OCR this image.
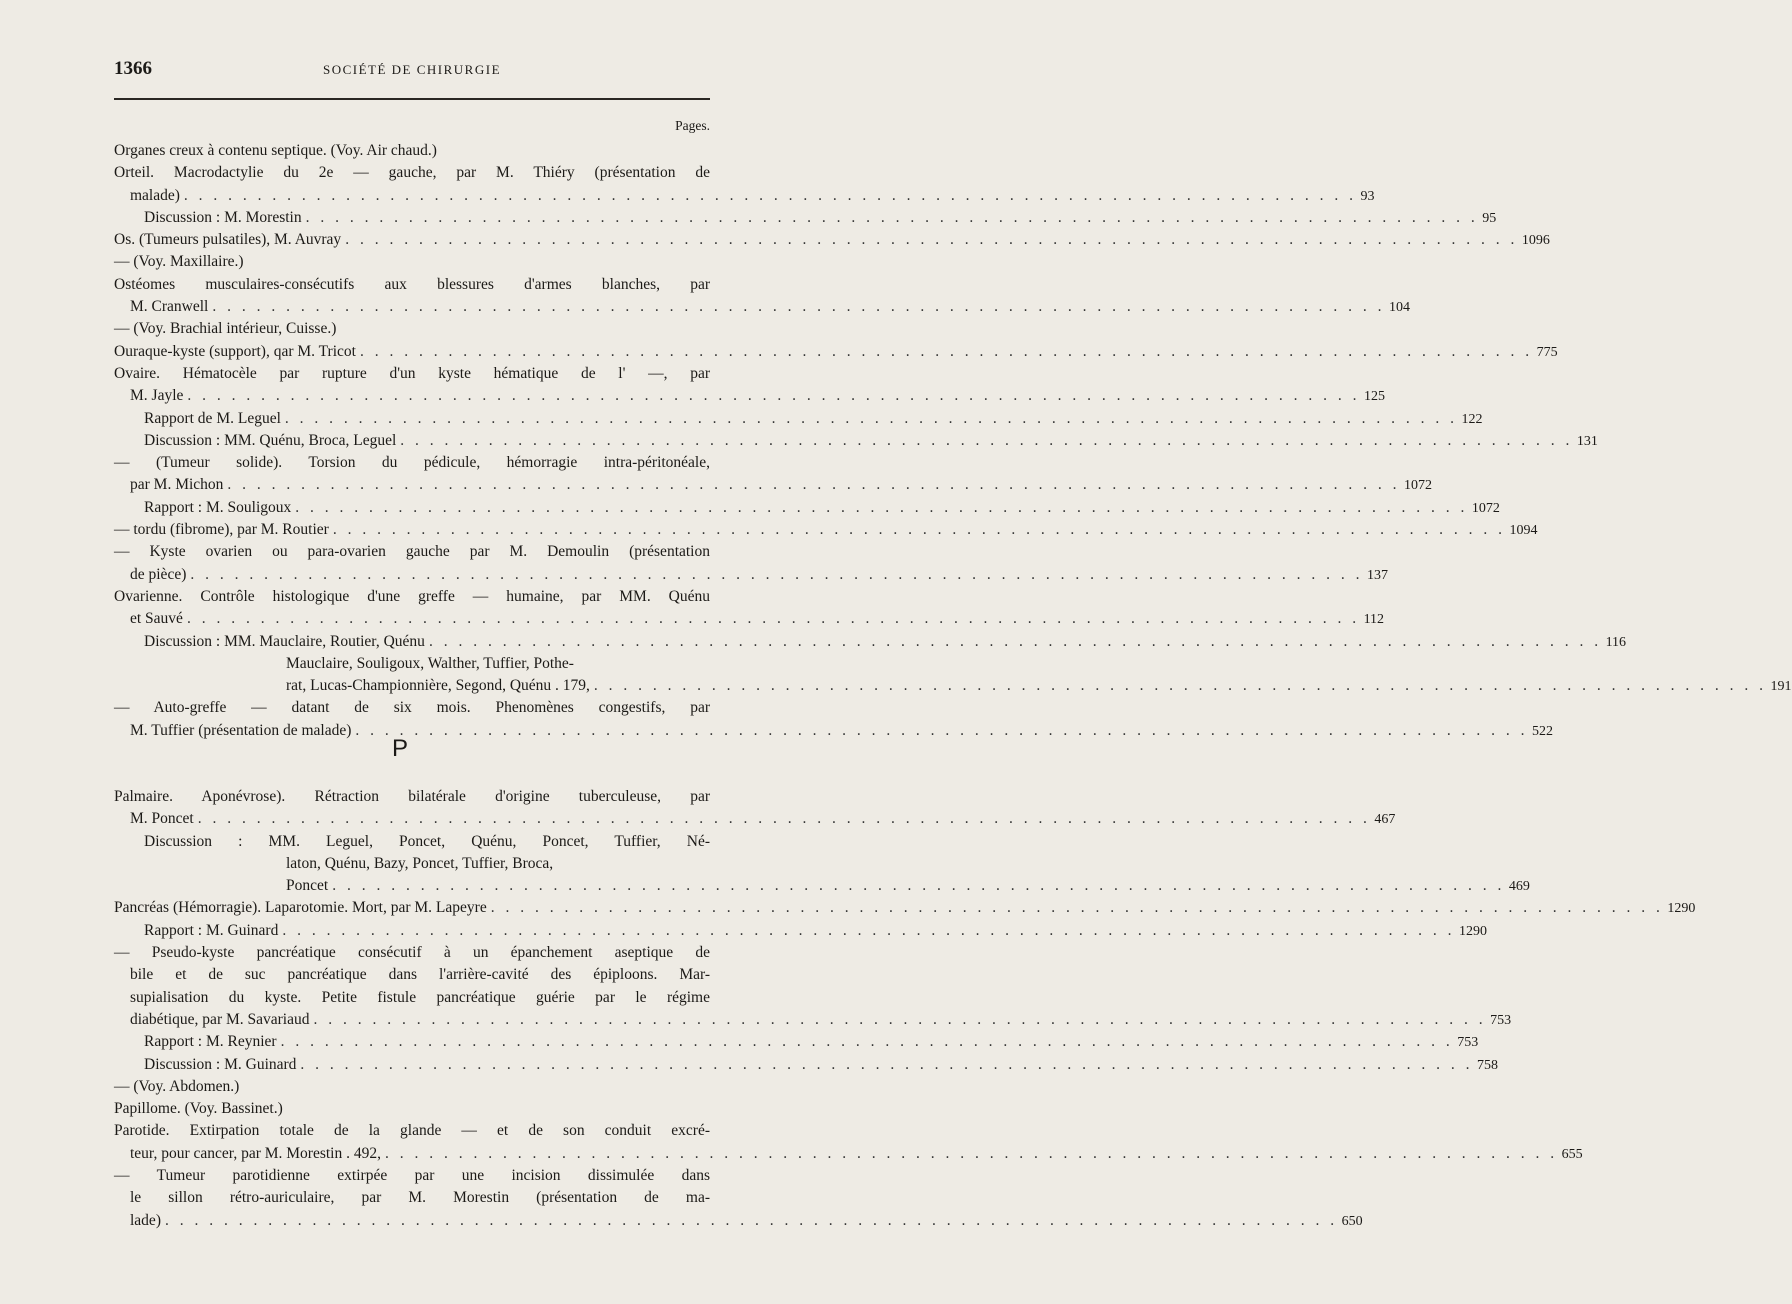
1366	SOCIÉTÉ DE CHIRURGIE
Pages.
Organes creux à contenu septique. (Voy. Air chaud.)
Orteil. Macrodactylie du 2e — gauche, par M. Thiéry (présentation de
malade) . . . . . . . . . . . . . . . . . . . . . . . . . . . . . . . . . . . . . . . . . . . . . . . . . . . . . . . . . . . . . . . . . . . . . . . . . . . . . . . . 93
Discussion : M. Morestin . . . . . . . . . . . . . . . . . . . . . . . . . . . . . . . . . . . . . . . . . . . . . . . . . . . . . . . . . . . . . . . . . . . . . . . . . . . . . . . . 95
Os. (Tumeurs pulsatiles), M. Auvray . . . . . . . . . . . . . . . . . . . . . . . . . . . . . . . . . . . . . . . . . . . . . . . . . . . . . . . . . . . . . . . . . . . . . . . . . . . . . . . . 1096
— (Voy. Maxillaire.)
Ostéomes musculaires-consécutifs aux blessures d'armes blanches, par
M. Cranwell . . . . . . . . . . . . . . . . . . . . . . . . . . . . . . . . . . . . . . . . . . . . . . . . . . . . . . . . . . . . . . . . . . . . . . . . . . . . . . . . 104
— (Voy. Brachial intérieur, Cuisse.)
Ouraque-kyste (support), qar M. Tricot . . . . . . . . . . . . . . . . . . . . . . . . . . . . . . . . . . . . . . . . . . . . . . . . . . . . . . . . . . . . . . . . . . . . . . . . . . . . . . . . 775
Ovaire. Hématocèle par rupture d'un kyste hématique de l' —, par
M. Jayle . . . . . . . . . . . . . . . . . . . . . . . . . . . . . . . . . . . . . . . . . . . . . . . . . . . . . . . . . . . . . . . . . . . . . . . . . . . . . . . . 125
Rapport de M. Leguel . . . . . . . . . . . . . . . . . . . . . . . . . . . . . . . . . . . . . . . . . . . . . . . . . . . . . . . . . . . . . . . . . . . . . . . . . . . . . . . . 122
Discussion : MM. Quénu, Broca, Leguel . . . . . . . . . . . . . . . . . . . . . . . . . . . . . . . . . . . . . . . . . . . . . . . . . . . . . . . . . . . . . . . . . . . . . . . . . . . . . . . . 131
— (Tumeur solide). Torsion du pédicule, hémorragie intra-péritonéale,
par M. Michon . . . . . . . . . . . . . . . . . . . . . . . . . . . . . . . . . . . . . . . . . . . . . . . . . . . . . . . . . . . . . . . . . . . . . . . . . . . . . . . . 1072
Rapport : M. Souligoux . . . . . . . . . . . . . . . . . . . . . . . . . . . . . . . . . . . . . . . . . . . . . . . . . . . . . . . . . . . . . . . . . . . . . . . . . . . . . . . . 1072
— tordu (fibrome), par M. Routier . . . . . . . . . . . . . . . . . . . . . . . . . . . . . . . . . . . . . . . . . . . . . . . . . . . . . . . . . . . . . . . . . . . . . . . . . . . . . . . . 1094
— Kyste ovarien ou para-ovarien gauche par M. Demoulin (présentation
de pièce) . . . . . . . . . . . . . . . . . . . . . . . . . . . . . . . . . . . . . . . . . . . . . . . . . . . . . . . . . . . . . . . . . . . . . . . . . . . . . . . . 137
Ovarienne. Contrôle histologique d'une greffe — humaine, par MM. Quénu
et Sauvé . . . . . . . . . . . . . . . . . . . . . . . . . . . . . . . . . . . . . . . . . . . . . . . . . . . . . . . . . . . . . . . . . . . . . . . . . . . . . . . . 112
Discussion : MM. Mauclaire, Routier, Quénu . . . . . . . . . . . . . . . . . . . . . . . . . . . . . . . . . . . . . . . . . . . . . . . . . . . . . . . . . . . . . . . . . . . . . . . . . . . . . . . . 116
Mauclaire, Souligoux, Walther, Tuffier, Pothe-
rat, Lucas-Championnière, Segond, Quénu . 179, . . . . . . . . . . . . . . . . . . . . . . . . . . . . . . . . . . . . . . . . . . . . . . . . . . . . . . . . . . . . . . . . . . . . . . . . . . . . . . . . 191
— Auto-greffe — datant de six mois. Phenomènes congestifs, par
M. Tuffier (présentation de malade) . . . . . . . . . . . . . . . . . . . . . . . . . . . . . . . . . . . . . . . . . . . . . . . . . . . . . . . . . . . . . . . . . . . . . . . . . . . . . . . . 522
P
Palmaire. Aponévrose). Rétraction bilatérale d'origine tuberculeuse, par
M. Poncet . . . . . . . . . . . . . . . . . . . . . . . . . . . . . . . . . . . . . . . . . . . . . . . . . . . . . . . . . . . . . . . . . . . . . . . . . . . . . . . . 467
Discussion : MM. Leguel, Poncet, Quénu, Poncet, Tuffier, Né-
laton, Quénu, Bazy, Poncet, Tuffier, Broca,
Poncet . . . . . . . . . . . . . . . . . . . . . . . . . . . . . . . . . . . . . . . . . . . . . . . . . . . . . . . . . . . . . . . . . . . . . . . . . . . . . . . . 469
Pancréas (Hémorragie). Laparotomie. Mort, par M. Lapeyre . . . . . . . . . . . . . . . . . . . . . . . . . . . . . . . . . . . . . . . . . . . . . . . . . . . . . . . . . . . . . . . . . . . . . . . . . . . . . . . . 1290
Rapport : M. Guinard . . . . . . . . . . . . . . . . . . . . . . . . . . . . . . . . . . . . . . . . . . . . . . . . . . . . . . . . . . . . . . . . . . . . . . . . . . . . . . . . 1290
— Pseudo-kyste pancréatique consécutif à un épanchement aseptique de
bile et de suc pancréatique dans l'arrière-cavité des épiploons. Mar-
supialisation du kyste. Petite fistule pancréatique guérie par le régime
diabétique, par M. Savariaud . . . . . . . . . . . . . . . . . . . . . . . . . . . . . . . . . . . . . . . . . . . . . . . . . . . . . . . . . . . . . . . . . . . . . . . . . . . . . . . . 753
Rapport : M. Reynier . . . . . . . . . . . . . . . . . . . . . . . . . . . . . . . . . . . . . . . . . . . . . . . . . . . . . . . . . . . . . . . . . . . . . . . . . . . . . . . . 753
Discussion : M. Guinard . . . . . . . . . . . . . . . . . . . . . . . . . . . . . . . . . . . . . . . . . . . . . . . . . . . . . . . . . . . . . . . . . . . . . . . . . . . . . . . . 758
— (Voy. Abdomen.)
Papillome. (Voy. Bassinet.)
Parotide. Extirpation totale de la glande — et de son conduit excré-
teur, pour cancer, par M. Morestin . 492, . . . . . . . . . . . . . . . . . . . . . . . . . . . . . . . . . . . . . . . . . . . . . . . . . . . . . . . . . . . . . . . . . . . . . . . . . . . . . . . . 655
— Tumeur parotidienne extirpée par une incision dissimulée dans
le sillon rétro-auriculaire, par M. Morestin (présentation de ma-
lade) . . . . . . . . . . . . . . . . . . . . . . . . . . . . . . . . . . . . . . . . . . . . . . . . . . . . . . . . . . . . . . . . . . . . . . . . . . . . . . . . 650
